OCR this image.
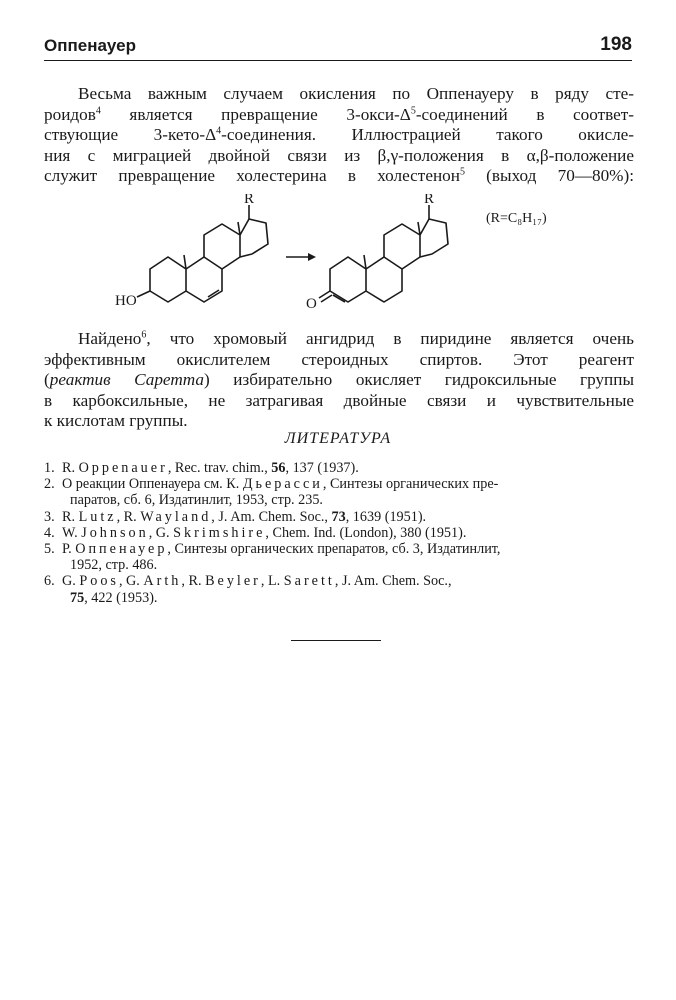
Оппенауер	198
Весьма важным случаем окисления по Оппенауеру в ряду сте-
роидов$^4$ является превращение $3-окси-\Delta^5$-соединений в соответ-
ствующие $3-кето-\Delta^4$-соединения. Иллюстрацией такого окисле-
ния с миграцией двойной связи из β,γ-положения в α,β-положение
служит превращение холестерина в холестенон$^5$ (выход 70—80%):
R
HO
R
O
(R=C₈H₁₇)
Найдено$^6$, что хромовый ангидрид в пиридине является очень
эффективным окислителем стероидных спиртов. Этот реагент
(реактив Саретта) избирательно окисляет гидроксильные группы
в карбоксильные, не затрагивая двойные связи и чувствительные
к кислотам группы.
ЛИТЕРАТУРА
1. R. Oppenauer, Rec. trav. chim., 56, 137 (1937).
2. О реакции Оппенауера см. К. Дьерасси, Синтезы органических пре-
паратов, сб. 6, Издатинлит, 1953, стр. 235.
3. R. Lutz, R. Wayland, J. Am. Chem. Soc., 73, 1639 (1951).
4. W. Johnson, G. Skrimshire, Chem. Ind. (London), 380 (1951).
5. Р. Оппенауер, Синтезы органических препаратов, сб. 3, Издатинлит,
1952, стр. 486.
6. G. Poos, G. Arth, R. Beyler, L. Sarett, J. Am. Chem. Soc.,
75, 422 (1953).
